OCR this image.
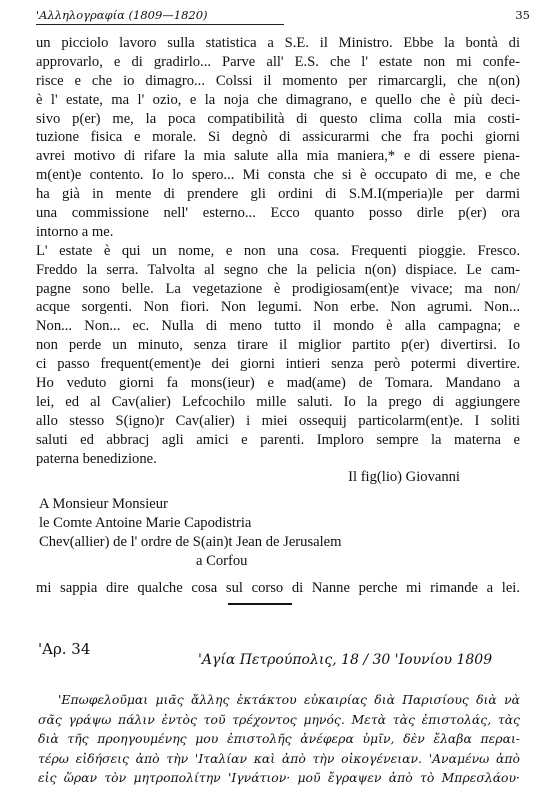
'Αλληλογραφία (1809—1820)	35
un picciolo lavoro sulla statistica a S.E. il Ministro. Ebbe la bontà di
approvarlo, e di gradirlo... Parve all' E.S. che l' estate non mi confe-
risce e che io dimagro... Colssi il momento per rimarcargli, che n(on)
è l' estate, ma l' ozio, e la noja che dimagrano, e quello che è più deci-
sivo p(er) me, la poca compatibilità di questo clima colla mia costi-
tuzione fisica e morale. Si degnò di assicurarmi che fra pochi giorni
avrei motivo di rifare la mia salute alla mia maniera,* e di essere piena-
m(ent)e contento. Io lo spero... Mi consta che si è occupato di me, e che
ha già in mente di prendere gli ordini di S.M.I(mperia)le per darmi
una commissione nell' esterno... Ecco quanto posso dirle p(er) ora
intorno a me.
L' estate è qui un nome, e non una cosa. Frequenti pioggie. Fresco.
Freddo la serra. Talvolta al segno che la pelicia n(on) dispiace. Le cam-
pagne sono belle. La vegetazione è prodigiosam(ent)e vivace; ma non/
acque sorgenti. Non fiori. Non legumi. Non erbe. Non agrumi. Non...
Non... Non... ec. Nulla di meno tutto il mondo è alla campagna; e
non perde un minuto, senza tirare il miglior partito p(er) divertirsi. Io
ci passo frequent(ement)e dei giorni intieri senza però potermi divertire.
Ho veduto giorni fa mons(ieur) e mad(ame) de Tomara. Mandano a
lei, ed al Cav(alier) Lefcochilo mille saluti. Io la prego di aggiungere
allo stesso S(igno)r Cav(alier) i miei ossequij particolarm(ent)e. I soliti
saluti ed abbracj agli amici e parenti. Imploro sempre la materna e
paterna benedizione.
Il fig(lio) Giovanni
A Monsieur Monsieur
le Comte Antoine Marie Capodistria
Chev(allier) de l' ordre de S(ain)t Jean de Jerusalem
a Corfou
mi sappia dire qualche cosa sul corso di Nanne perche mi rimande a lei.
'Αρ. 34
'Αγία Πετρούπολις, 18 / 30 'Ιουνίου 1809
'Επωφελοῦμαι μιᾶς ἄλλης ἐκτάκτου εὐκαιρίας διὰ Παρισίους διὰ νὰ
σᾶς γράψω πάλιν ἐντὸς τοῦ τρέχοντος μηνός. Μετὰ τὰς ἐπιστολάς, τὰς
διὰ τῆς προηγουμένης μου ἐπιστολῆς ἀνέφερα ὑμῖν, δὲν ἔλαβα περαι-
τέρω εἰδήσεις ἀπὸ τὴν 'Ιταλίαν καὶ ἀπὸ τὴν οἰκογένειαν. 'Αναμένω ἀπὸ
εἰς ὥραν τὸν μητροπολίτην 'Ιγνάτιον· μοῦ ἔγραψεν ἀπὸ τὸ Μπρεσλάου·
